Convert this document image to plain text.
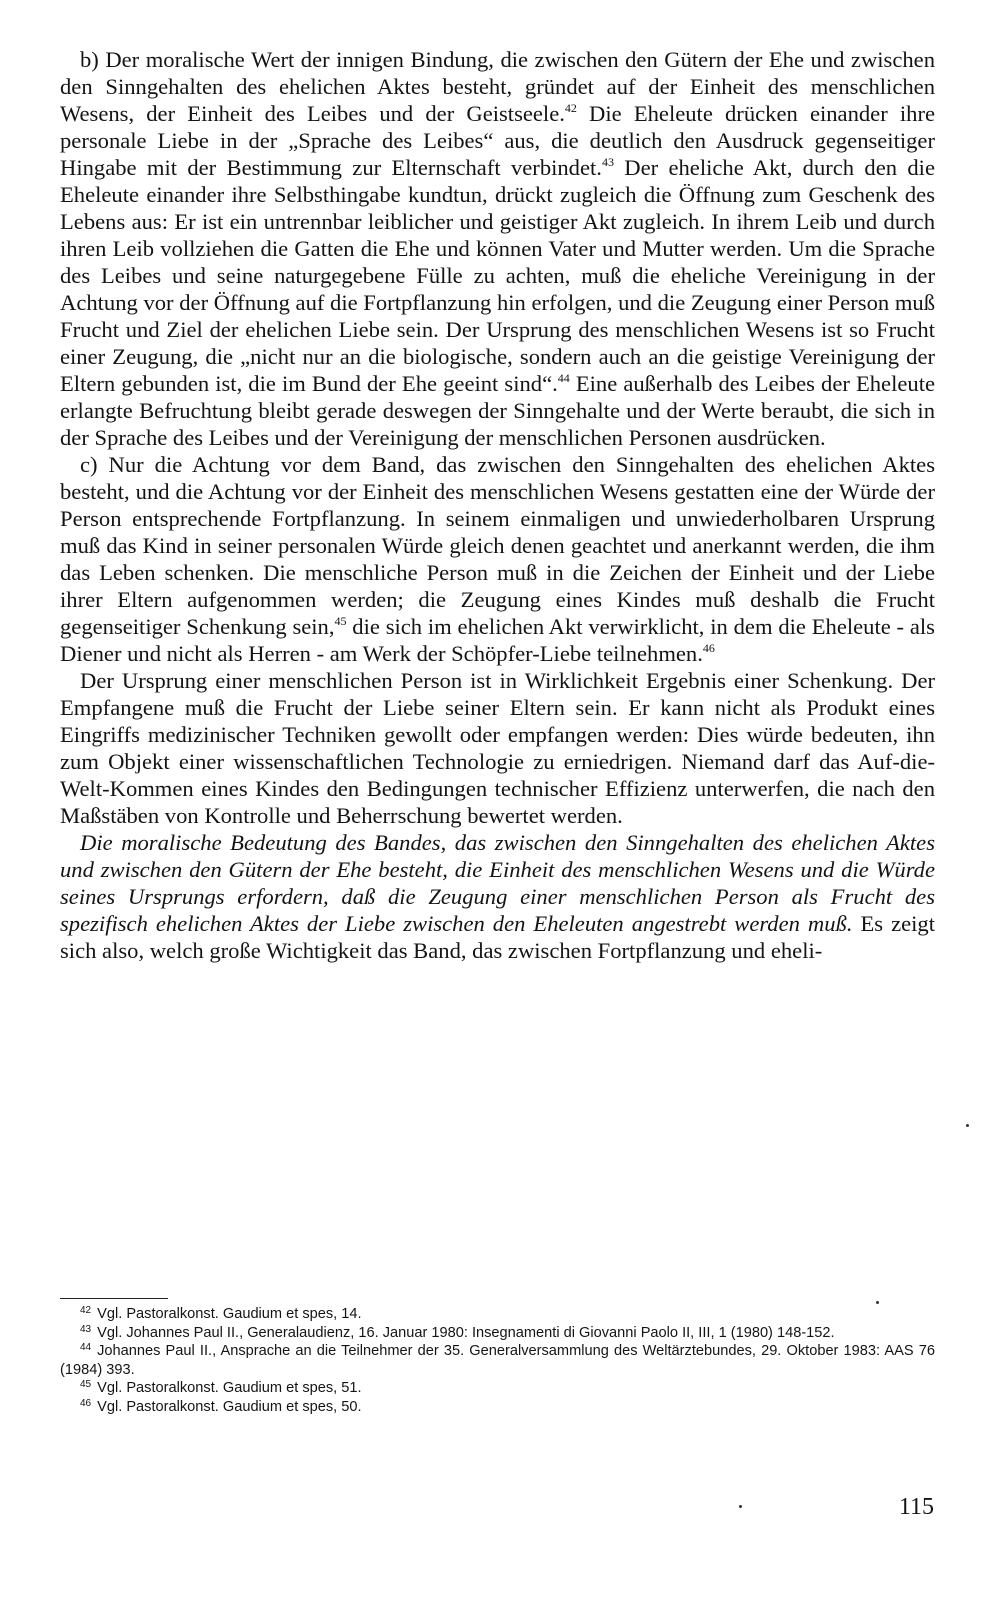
b) Der moralische Wert der innigen Bindung, die zwischen den Gütern der Ehe und zwischen den Sinngehalten des ehelichen Aktes besteht, gründet auf der Einheit des menschlichen Wesens, der Einheit des Leibes und der Geistseele.$^{42}$ Die Eheleute drücken einander ihre personale Liebe in der „Sprache des Leibes“ aus, die deutlich den Ausdruck gegenseitiger Hingabe mit der Bestimmung zur Elternschaft verbindet.$^{43}$ Der eheliche Akt, durch den die Eheleute einander ihre Selbsthingabe kundtun, drückt zugleich die Öffnung zum Geschenk des Lebens aus: Er ist ein untrennbar leiblicher und geistiger Akt zugleich. In ihrem Leib und durch ihren Leib vollziehen die Gatten die Ehe und können Vater und Mutter werden. Um die Sprache des Leibes und seine naturgegebene Fülle zu achten, muß die eheliche Vereinigung in der Achtung vor der Öffnung auf die Fortpflanzung hin erfolgen, und die Zeugung einer Person muß Frucht und Ziel der ehelichen Liebe sein. Der Ursprung des menschlichen Wesens ist so Frucht einer Zeugung, die „nicht nur an die biologische, sondern auch an die geistige Vereinigung der Eltern gebunden ist, die im Bund der Ehe geeint sind“.$^{44}$ Eine außerhalb des Leibes der Eheleute erlangte Befruchtung bleibt gerade deswegen der Sinngehalte und der Werte beraubt, die sich in der Sprache des Leibes und der Vereinigung der menschlichen Personen ausdrücken.

c) Nur die Achtung vor dem Band, das zwischen den Sinngehalten des ehelichen Aktes besteht, und die Achtung vor der Einheit des menschlichen Wesens gestatten eine der Würde der Person entsprechende Fortpflanzung. In seinem einmaligen und unwiederholbaren Ursprung muß das Kind in seiner personalen Würde gleich denen geachtet und anerkannt werden, die ihm das Leben schenken. Die menschliche Person muß in die Zeichen der Einheit und der Liebe ihrer Eltern aufgenommen werden; die Zeugung eines Kindes muß deshalb die Frucht gegenseitiger Schenkung sein,$^{45}$ die sich im ehelichen Akt verwirklicht, in dem die Eheleute - als Diener und nicht als Herren - am Werk der Schöpfer-Liebe teilnehmen.$^{46}$

Der Ursprung einer menschlichen Person ist in Wirklichkeit Ergebnis einer Schenkung. Der Empfangene muß die Frucht der Liebe seiner Eltern sein. Er kann nicht als Produkt eines Eingriffs medizinischer Techniken gewollt oder empfangen werden: Dies würde bedeuten, ihn zum Objekt einer wissenschaftlichen Technologie zu erniedrigen. Niemand darf das Auf-die-Welt-Kommen eines Kindes den Bedingungen technischer Effizienz unterwerfen, die nach den Maßstäben von Kontrolle und Beherrschung bewertet werden.

Die moralische Bedeutung des Bandes, das zwischen den Sinngehalten des ehelichen Aktes und zwischen den Gütern der Ehe besteht, die Einheit des menschlichen Wesens und die Würde seines Ursprungs erfordern, daß die Zeugung einer menschlichen Person als Frucht des spezifisch ehelichen Aktes der Liebe zwischen den Eheleuten angestrebt werden muß. Es zeigt sich also, welch große Wichtigkeit das Band, das zwischen Fortpflanzung und eheli-

$^{42}$ Vgl. Pastoralkonst. Gaudium et spes, 14.

$^{43}$ Vgl. Johannes Paul II., Generalaudienz, 16. Januar 1980: Insegnamenti di Giovanni Paolo II, III, 1 (1980) 148-152.

$^{44}$ Johannes Paul II., Ansprache an die Teilnehmer der 35. Generalversammlung des Weltärztebundes, 29. Oktober 1983: AAS 76 (1984) 393.

$^{45}$ Vgl. Pastoralkonst. Gaudium et spes, 51.

$^{46}$ Vgl. Pastoralkonst. Gaudium et spes, 50.

115
